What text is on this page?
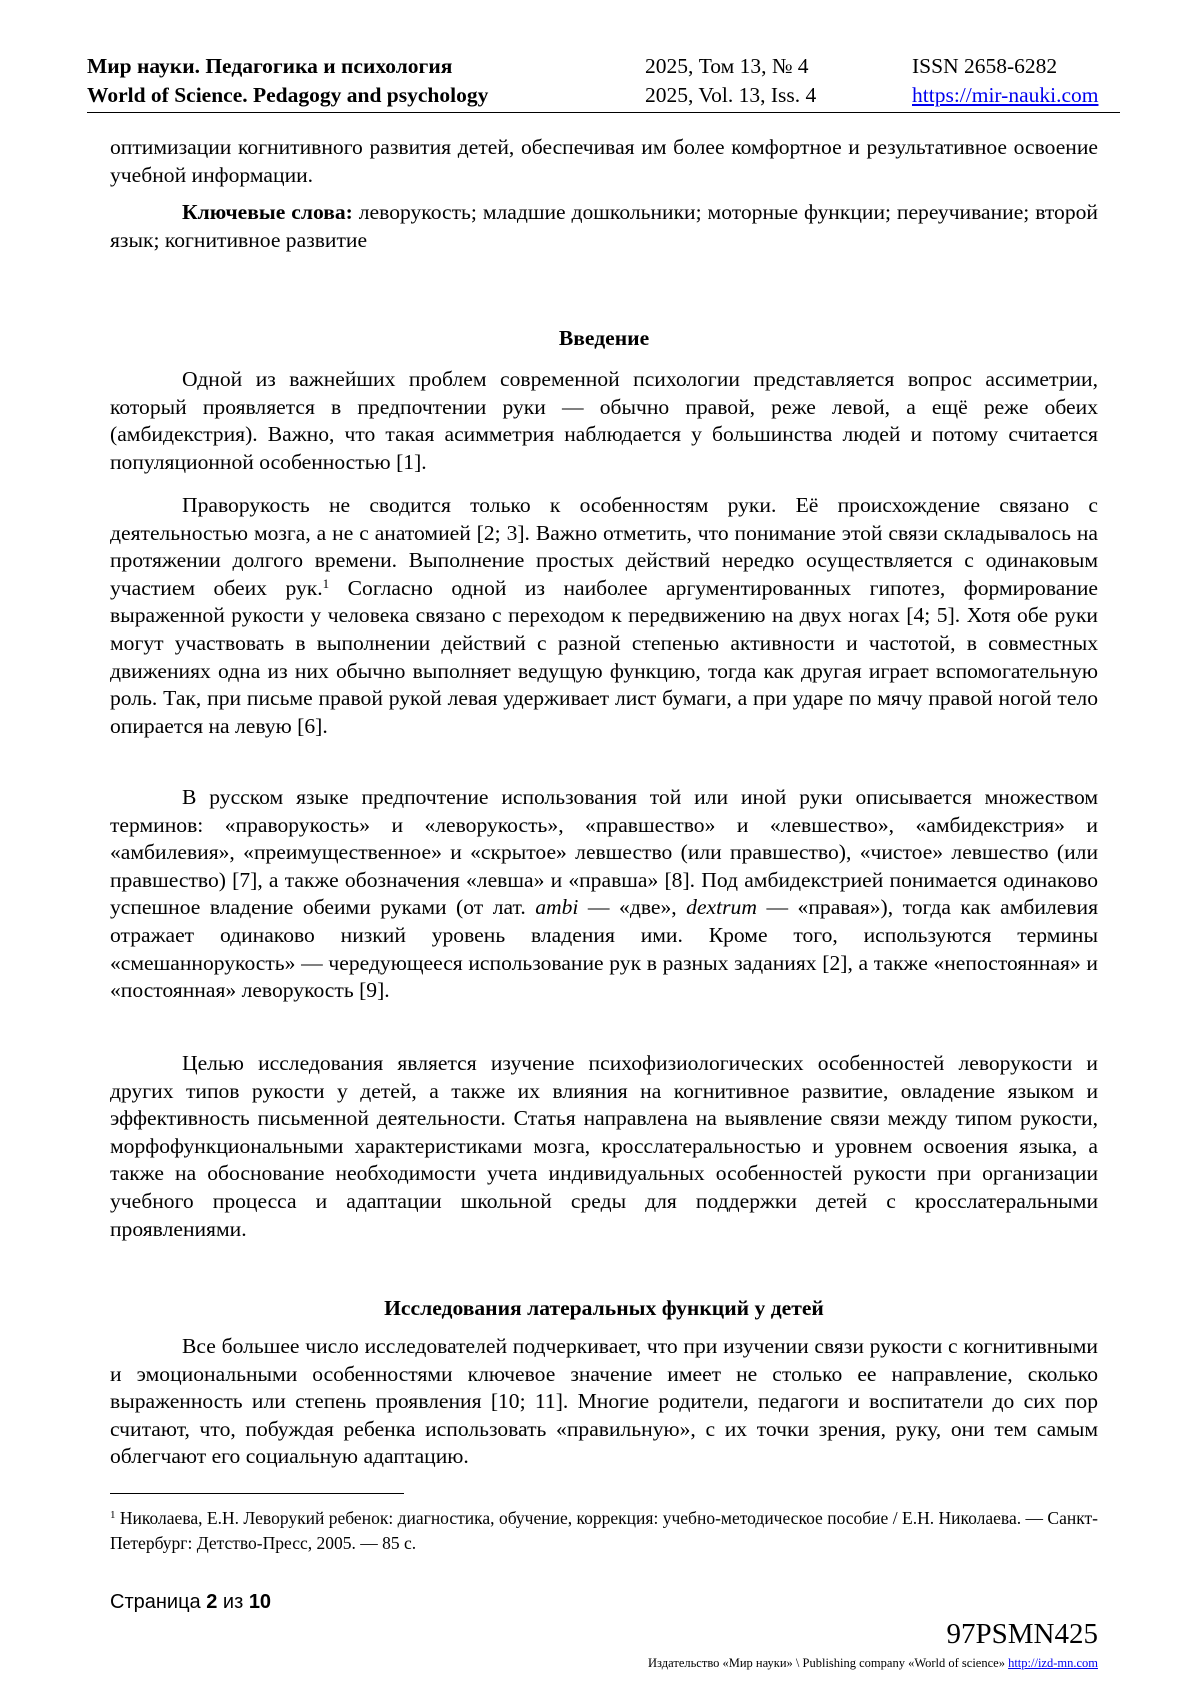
Мир науки. Педагогика и психология
World of Science. Pedagogy and psychology
2025, Том 13, № 4
2025, Vol. 13, Iss. 4
ISSN 2658-6282
https://mir-nauki.com

оптимизации когнитивного развития детей, обеспечивая им более комфортное и результативное освоение учебной информации.

Ключевые слова: леворукость; младшие дошкольники; моторные функции; переучивание; второй язык; когнитивное развитие

Введение

Одной из важнейших проблем современной психологии представляется вопрос ассиметрии, который проявляется в предпочтении руки — обычно правой, реже левой, а ещё реже обеих (амбидекстрия). Важно, что такая асимметрия наблюдается у большинства людей и потому считается популяционной особенностью [1].

Праворукость не сводится только к особенностям руки. Её происхождение связано с деятельностью мозга, а не с анатомией [2; 3]. Важно отметить, что понимание этой связи складывалось на протяжении долгого времени. Выполнение простых действий нередко осуществляется с одинаковым участием обеих рук.$^1$ Согласно одной из наиболее аргументированных гипотез, формирование выраженной рукости у человека связано с переходом к передвижению на двух ногах [4; 5]. Хотя обе руки могут участвовать в выполнении действий с разной степенью активности и частотой, в совместных движениях одна из них обычно выполняет ведущую функцию, тогда как другая играет вспомогательную роль. Так, при письме правой рукой левая удерживает лист бумаги, а при ударе по мячу правой ногой тело опирается на левую [6].

В русском языке предпочтение использования той или иной руки описывается множеством терминов: «праворукость» и «леворукость», «правшество» и «левшество», «амбидекстрия» и «амбилевия», «преимущественное» и «скрытое» левшество (или правшество), «чистое» левшество (или правшество) [7], а также обозначения «левша» и «правша» [8]. Под амбидекстрией понимается одинаково успешное владение обеими руками (от лат. ambi — «две», dextrum — «правая»), тогда как амбилевия отражает одинаково низкий уровень владения ими. Кроме того, используются термины «смешаннорукость» — чередующееся использование рук в разных заданиях [2], а также «непостоянная» и «постоянная» леворукость [9].

Целью исследования является изучение психофизиологических особенностей леворукости и других типов рукости у детей, а также их влияния на когнитивное развитие, овладение языком и эффективность письменной деятельности. Статья направлена на выявление связи между типом рукости, морфофункциональными характеристиками мозга, кросслатеральностью и уровнем освоения языка, а также на обоснование необходимости учета индивидуальных особенностей рукости при организации учебного процесса и адаптации школьной среды для поддержки детей с кросслатеральными проявлениями.

Исследования латеральных функций у детей

Все большее число исследователей подчеркивает, что при изучении связи рукости с когнитивными и эмоциональными особенностями ключевое значение имеет не столько ее направление, сколько выраженность или степень проявления [10; 11]. Многие родители, педагоги и воспитатели до сих пор считают, что, побуждая ребенка использовать «правильную», с их точки зрения, руку, они тем самым облегчают его социальную адаптацию.

$^1$ Николаева, Е.Н. Леворукий ребенок: диагностика, обучение, коррекция: учебно-методическое пособие / Е.Н. Николаева. — Санкт-Петербург: Детство-Пресс, 2005. — 85 с.
Страница 2 из 10
97PSMN425
Издательство «Мир науки» \ Publishing company «World of science» http://izd-mn.com
